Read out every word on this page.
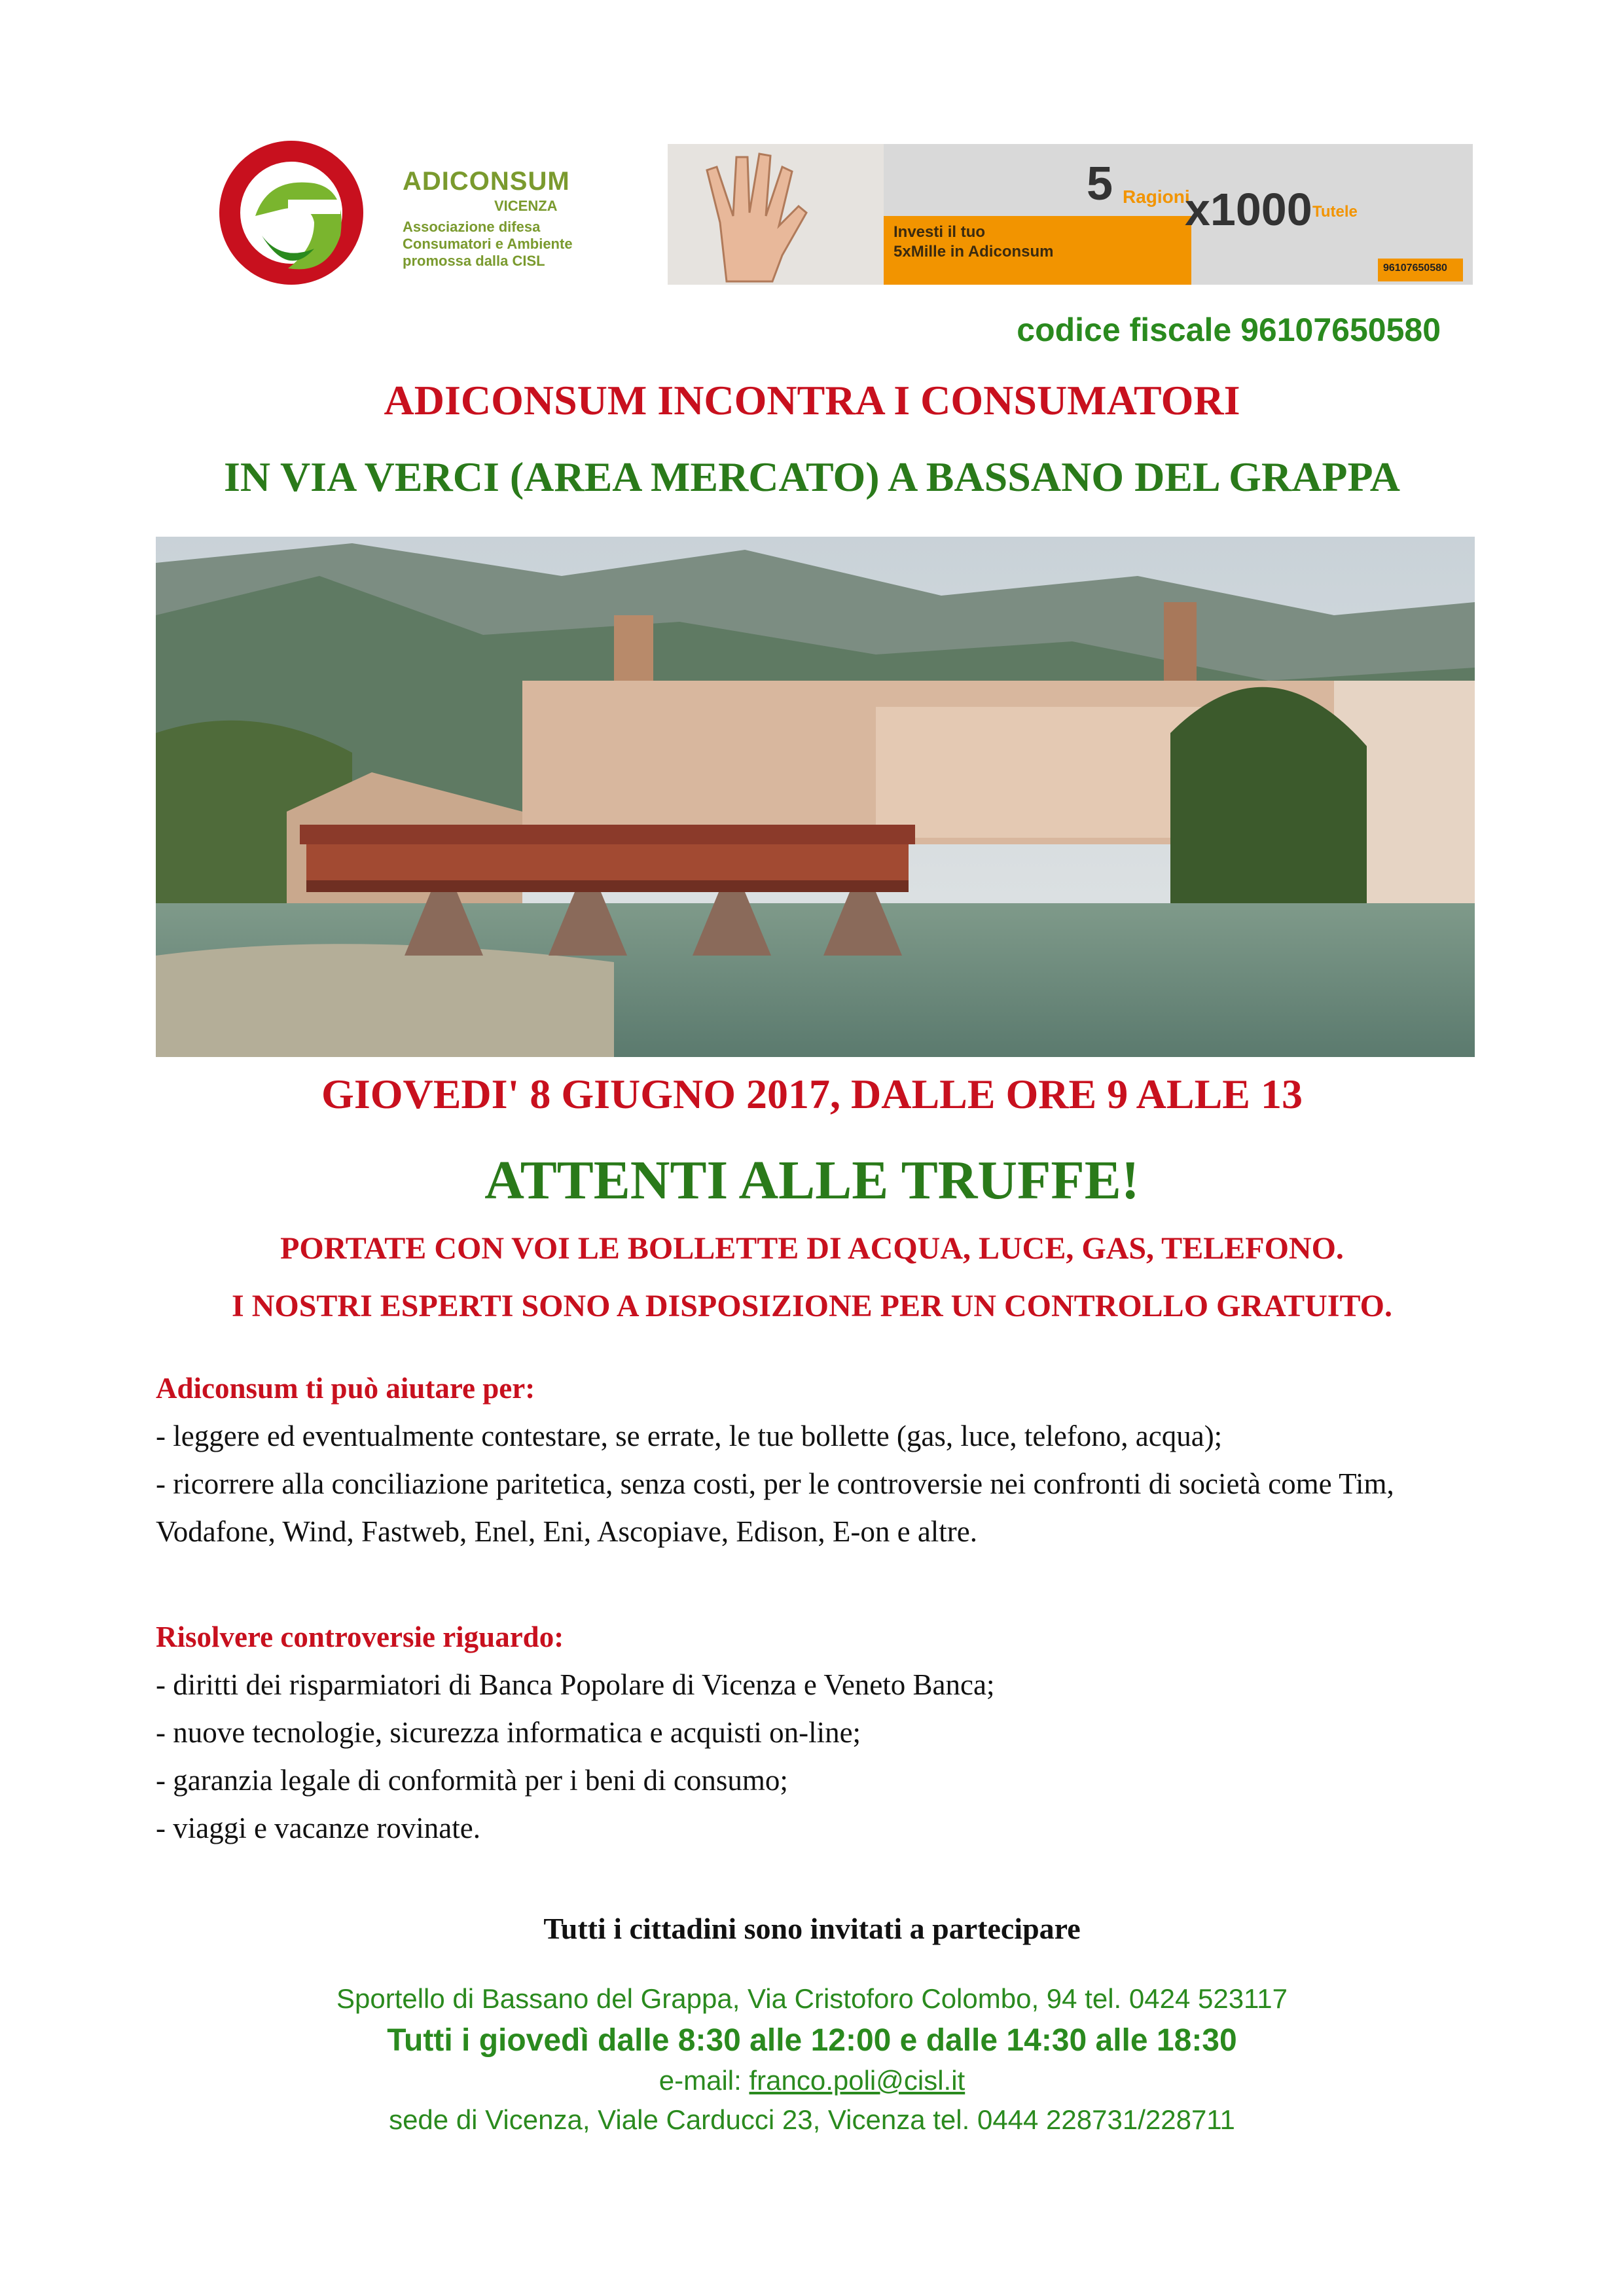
ADICONSUM
VICENZA
Associazione difesa
Consumatori e Ambiente
promossa dalla CISL
Investi il tuo
5xMille in Adiconsum
5 Ragioni
x1000 Tutele
96107650580
codice fiscale 96107650580
ADICONSUM INCONTRA I CONSUMATORI
IN VIA VERCI (AREA MERCATO) A BASSANO DEL GRAPPA
GIOVEDI' 8 GIUGNO 2017, DALLE ORE 9 ALLE 13
ATTENTI ALLE TRUFFE!
PORTATE CON VOI LE BOLLETTE DI ACQUA, LUCE, GAS, TELEFONO.
I NOSTRI ESPERTI SONO A DISPOSIZIONE PER UN CONTROLLO GRATUITO.
Adiconsum ti può aiutare per:
- leggere ed eventualmente contestare, se errate, le tue bollette (gas, luce, telefono, acqua);
- ricorrere alla conciliazione paritetica, senza costi, per le controversie nei confronti di società come Tim, Vodafone, Wind, Fastweb, Enel, Eni, Ascopiave, Edison, E-on e altre.
Risolvere controversie riguardo:
- diritti dei risparmiatori di Banca Popolare di Vicenza e Veneto Banca;
- nuove tecnologie, sicurezza informatica e acquisti on-line;
- garanzia legale di conformità per i beni di consumo;
- viaggi e vacanze rovinate.
Tutti i cittadini sono invitati a partecipare
Sportello di Bassano del Grappa, Via Cristoforo Colombo, 94 tel. 0424 523117
Tutti i giovedì dalle 8:30 alle 12:00 e dalle 14:30 alle 18:30
e-mail: franco.poli@cisl.it
sede di Vicenza, Viale Carducci 23, Vicenza tel. 0444 228731/228711
